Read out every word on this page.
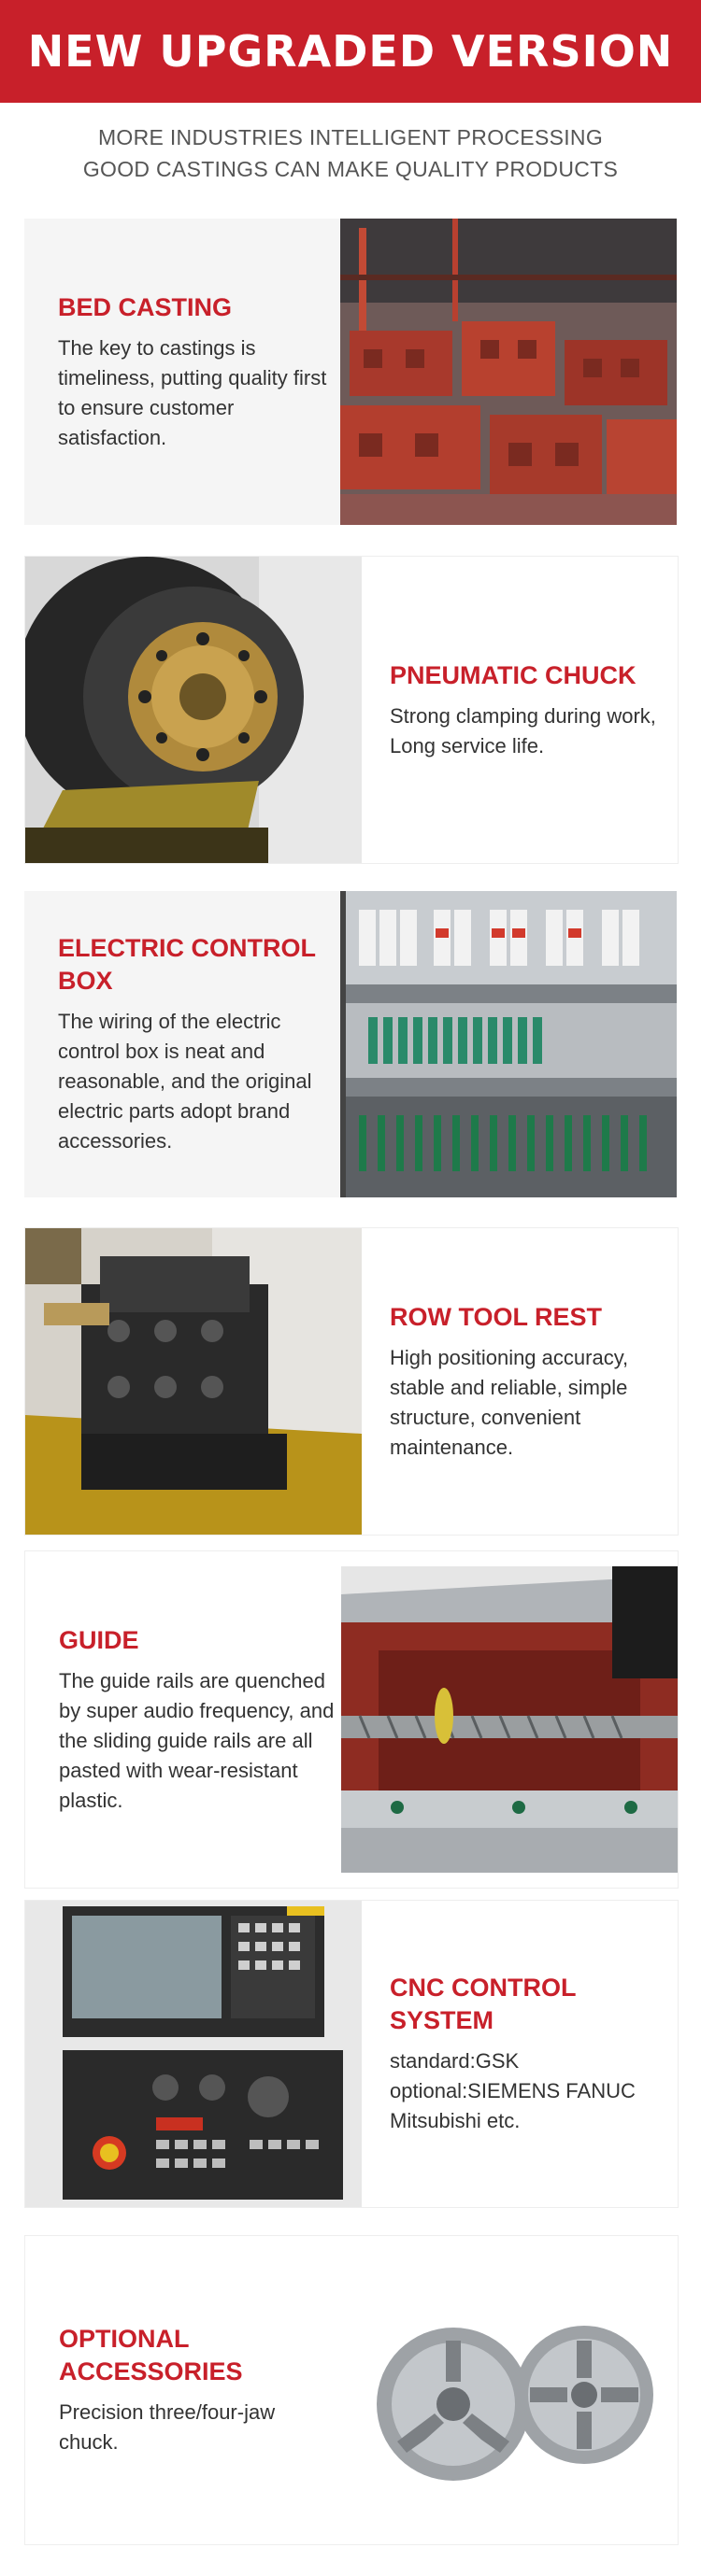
NEW UPGRADED VERSION
MORE INDUSTRIES INTELLIGENT PROCESSING
GOOD CASTINGS CAN MAKE QUALITY PRODUCTS
BED CASTING
The key to castings is timeliness, putting quality first to ensure customer satisfaction.
PNEUMATIC CHUCK
Strong clamping during work, Long service life.
ELECTRIC CONTROL BOX
The wiring of the electric control box is neat and reasonable, and the original electric parts adopt brand accessories.
ROW TOOL REST
High positioning accuracy, stable and reliable, simple structure, convenient maintenance.
GUIDE
The guide rails are quenched by super audio frequency, and the sliding guide rails are all pasted with wear-resistant plastic.
CNC CONTROL SYSTEM
standard:GSK optional:SIEMENS FANUC Mitsubishi etc.
OPTIONAL ACCESSORIES
Precision three/four-jaw chuck.
